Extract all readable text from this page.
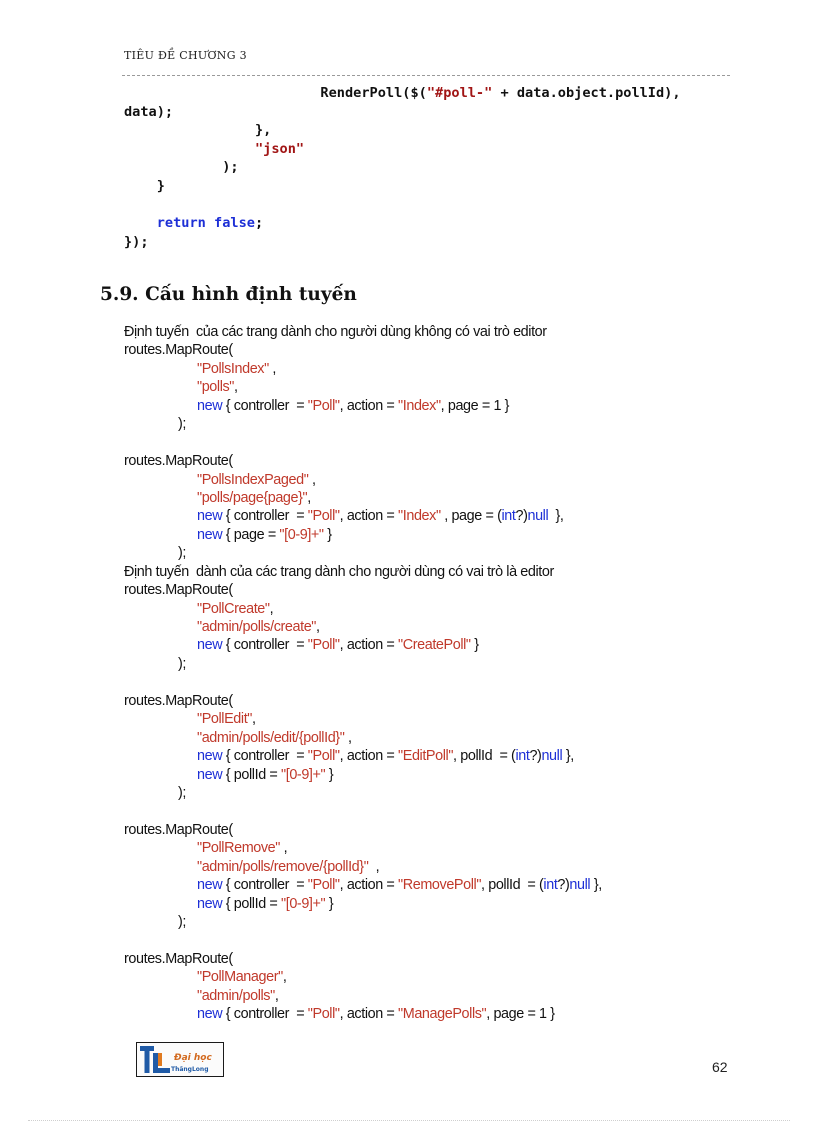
TIÊU ĐỀ CHƯƠNG 3
RenderPoll($("#poll-" + data.object.pollId),
data);
},
"json"
);
}

return false;
});
5.9. Cấu hình định tuyến
Định tuyến  của các trang dành cho người dùng không có vai trò editor
routes.MapRoute(
"PollsIndex" ,
"polls",
new { controller  = "Poll", action = "Index", page = 1 }
);

routes.MapRoute(
"PollsIndexPaged" ,
"polls/page{page}",
new { controller  = "Poll", action = "Index" , page = (int?)null  },
new { page = "[0-9]+" }
);
Định tuyến  dành của các trang dành cho người dùng có vai trò là editor
routes.MapRoute(
"PollCreate",
"admin/polls/create",
new { controller  = "Poll", action = "CreatePoll" }
);

routes.MapRoute(
"PollEdit",
"admin/polls/edit/{pollId}" ,
new { controller  = "Poll", action = "EditPoll", pollId  = (int?)null },
new { pollId = "[0-9]+" }
);

routes.MapRoute(
"PollRemove" ,
"admin/polls/remove/{pollId}"  ,
new { controller  = "Poll", action = "RemovePoll", pollId  = (int?)null },
new { pollId = "[0-9]+" }
);

routes.MapRoute(
"PollManager",
"admin/polls",
new { controller  = "Poll", action = "ManagePolls", page = 1 }
Đại học
ThăngLong	62
